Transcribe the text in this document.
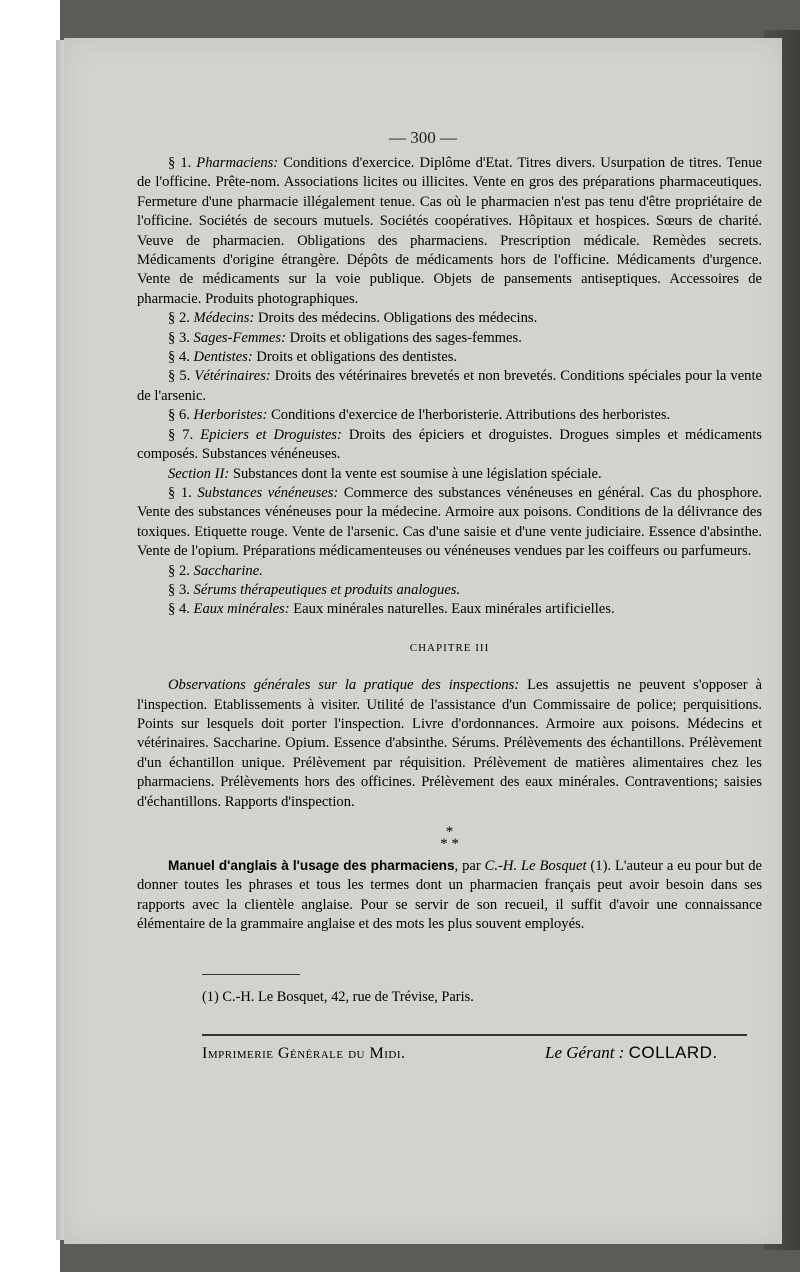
— 300 —

§ 1. Pharmaciens: Conditions d'exercice. Diplôme d'Etat. Titres divers. Usurpation de titres. Tenue de l'officine. Prête-nom. Associations licites ou illicites. Vente en gros des préparations pharmaceutiques. Fermeture d'une pharmacie illégalement tenue. Cas où le pharmacien n'est pas tenu d'être propriétaire de l'officine. Sociétés de secours mutuels. Sociétés coopératives. Hôpitaux et hospices. Sœurs de charité. Veuve de pharmacien. Obligations des pharmaciens. Prescription médicale. Remèdes secrets. Médicaments d'origine étrangère. Dépôts de médicaments hors de l'officine. Médicaments d'urgence. Vente de médicaments sur la voie publique. Objets de pansements antiseptiques. Accessoires de pharmacie. Produits photographiques.

§ 2. Médecins: Droits des médecins. Obligations des médecins.

§ 3. Sages-Femmes: Droits et obligations des sages-femmes.

§ 4. Dentistes: Droits et obligations des dentistes.

§ 5. Vétérinaires: Droits des vétérinaires brevetés et non brevetés. Conditions spéciales pour la vente de l'arsenic.

§ 6. Herboristes: Conditions d'exercice de l'herboristerie. Attributions des herboristes.

§ 7. Epiciers et Droguistes: Droits des épiciers et droguistes. Drogues simples et médicaments composés. Substances vénéneuses.

Section II: Substances dont la vente est soumise à une législation spéciale.

§ 1. Substances vénéneuses: Commerce des substances vénéneuses en général. Cas du phosphore. Vente des substances vénéneuses pour la médecine. Armoire aux poisons. Conditions de la délivrance des toxiques. Etiquette rouge. Vente de l'arsenic. Cas d'une saisie et d'une vente judiciaire. Essence d'absinthe. Vente de l'opium. Préparations médicamenteuses ou vénéneuses vendues par les coiffeurs ou parfumeurs.

§ 2. Saccharine.

§ 3. Sérums thérapeutiques et produits analogues.

§ 4. Eaux minérales: Eaux minérales naturelles. Eaux minérales artificielles.

CHAPITRE III

Observations générales sur la pratique des inspections: Les assujettis ne peuvent s'opposer à l'inspection. Etablissements à visiter. Utilité de l'assistance d'un Commissaire de police; perquisitions. Points sur lesquels doit porter l'inspection. Livre d'ordonnances. Armoire aux poisons. Médecins et vétérinaires. Saccharine. Opium. Essence d'absinthe. Sérums. Prélèvements des échantillons. Prélèvement d'un échantillon unique. Prélèvement par réquisition. Prélèvement de matières alimentaires chez les pharmaciens. Prélèvements hors des officines. Prélèvement des eaux minérales. Contraventions; saisies d'échantillons. Rapports d'inspection.

*
* *

Manuel d'anglais à l'usage des pharmaciens, par C.-H. Le Bosquet (1). L'auteur a eu pour but de donner toutes les phrases et tous les termes dont un pharmacien français peut avoir besoin dans ses rapports avec la clientèle anglaise. Pour se servir de son recueil, il suffit d'avoir une connaissance élémentaire de la grammaire anglaise et des mots les plus souvent employés.

(1) C.-H. Le Bosquet, 42, rue de Trévise, Paris.
Imprimerie Générale du Midi.	Le Gérant : COLLARD.
